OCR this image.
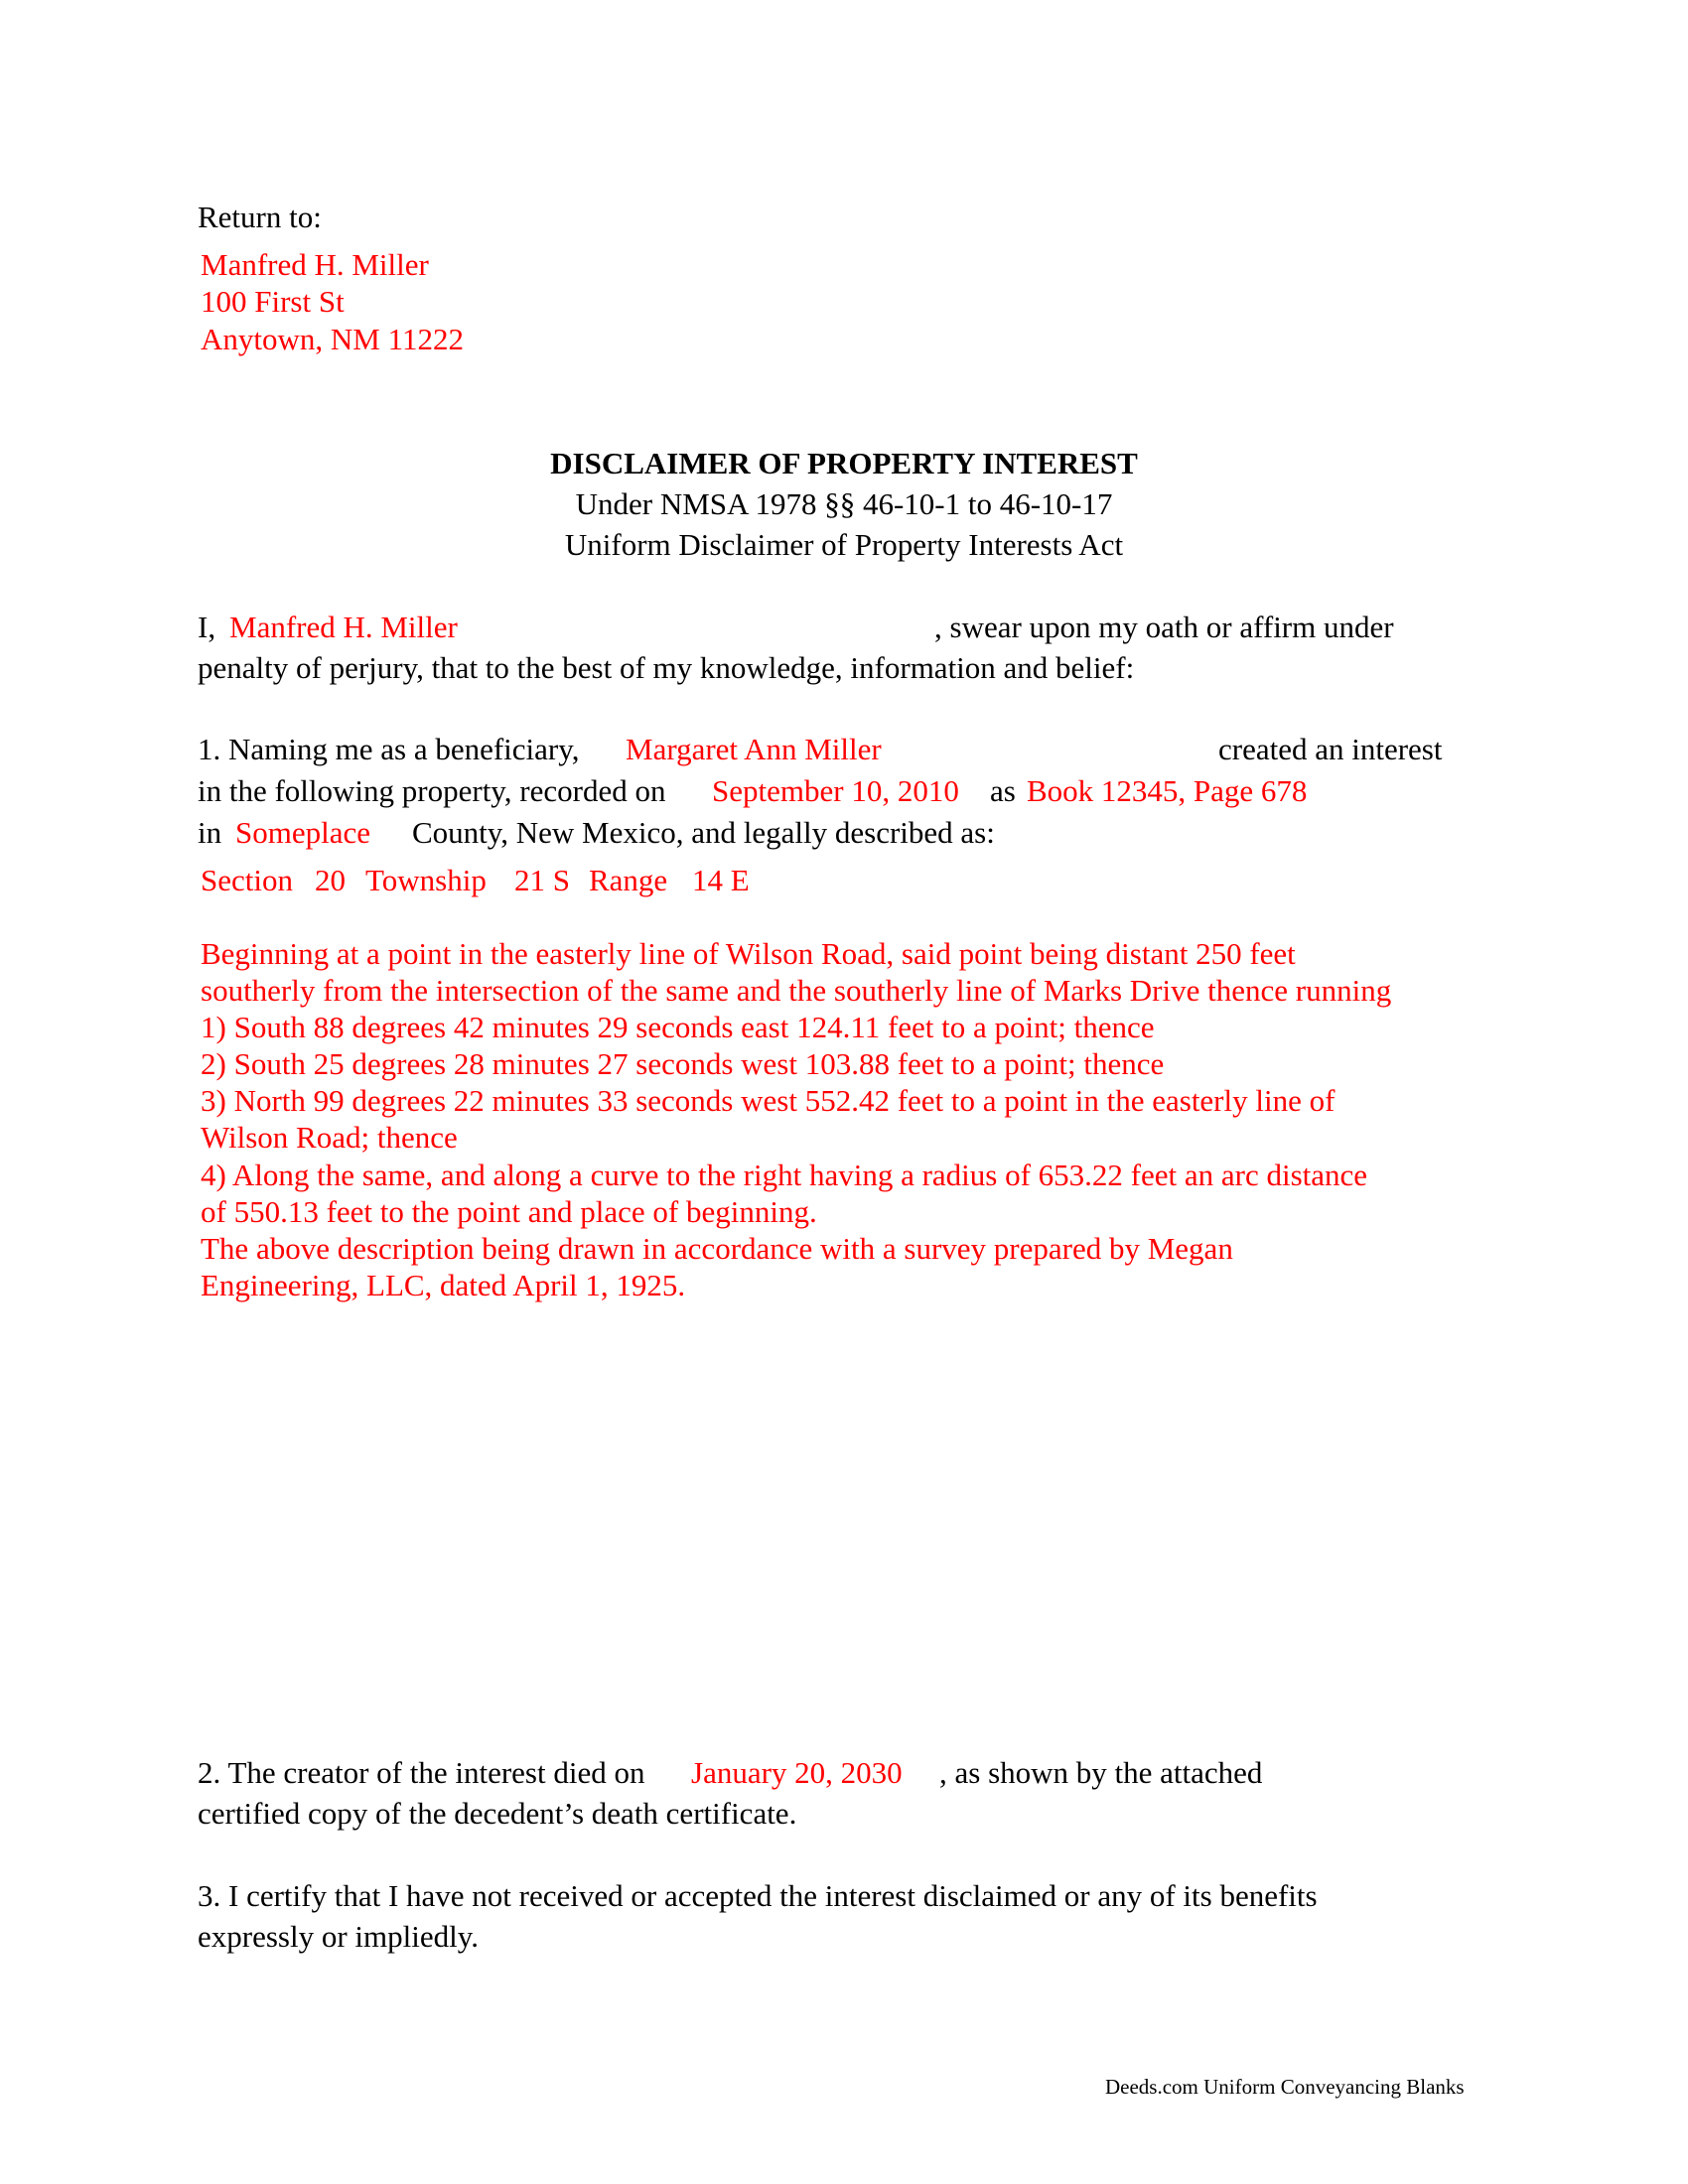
Return to:
Manfred H. Miller
100 First St
Anytown, NM 11222
DISCLAIMER OF PROPERTY INTEREST
Under NMSA 1978 §§ 46-10-1 to 46-10-17
Uniform Disclaimer of Property Interests Act
I, Manfred H. Miller	, swear upon my oath or affirm under
penalty of perjury, that to the best of my knowledge, information and belief:
1. Naming me as a beneficiary, Margaret Ann Miller	created an interest
in the following property, recorded on September 10, 2010 as Book 12345, Page 678
in Someplace County, New Mexico, and legally described as:
Section 20 Township 21 S Range 14 E
Beginning at a point in the easterly line of Wilson Road, said point being distant 250 feet
southerly from the intersection of the same and the southerly line of Marks Drive thence running
1) South 88 degrees 42 minutes 29 seconds east 124.11 feet to a point; thence
2) South 25 degrees 28 minutes 27 seconds west 103.88 feet to a point; thence
3) North 99 degrees 22 minutes 33 seconds west 552.42 feet to a point in the easterly line of
Wilson Road; thence
4) Along the same, and along a curve to the right having a radius of 653.22 feet an arc distance
of 550.13 feet to the point and place of beginning.
The above description being drawn in accordance with a survey prepared by Megan
Engineering, LLC, dated April 1, 1925.
2. The creator of the interest died on January 20, 2030 , as shown by the attached
certified copy of the decedent’s death certificate.
3. I certify that I have not received or accepted the interest disclaimed or any of its benefits
expressly or impliedly.
Deeds.com Uniform Conveyancing Blanks
